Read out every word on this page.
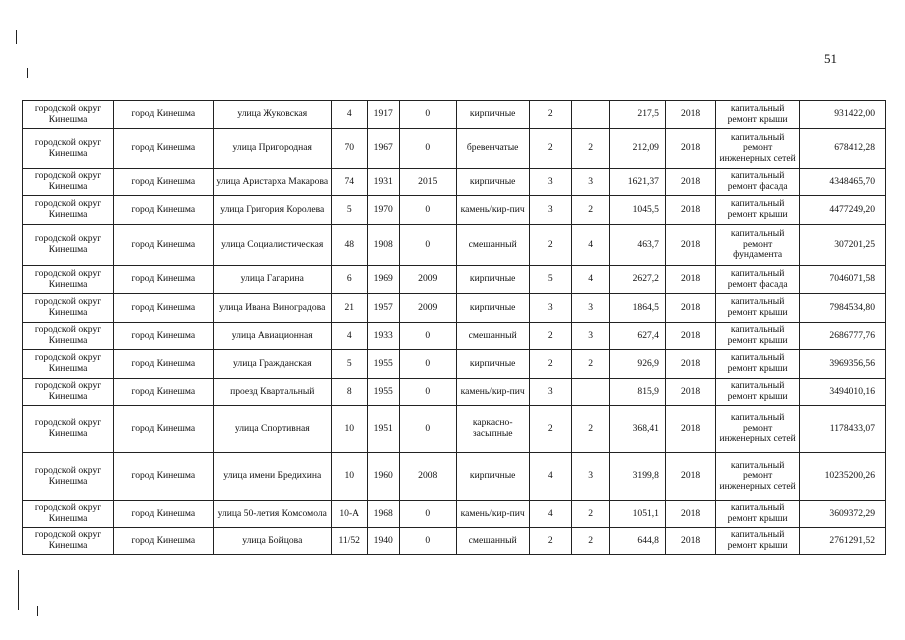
51
городской округ Кинешма	город Кинешма	улица Жуковская	4	1917	0	кирпичные	2		217,5	2018	капитальный ремонт крыши	931422,00
городской округ Кинешма	город Кинешма	улица Пригородная	70	1967	0	бревенчатые	2	2	212,09	2018	капитальный ремонт инженерных сетей	678412,28
городской округ Кинешма	город Кинешма	улица Аристарха Макарова	74	1931	2015	кирпичные	3	3	1621,37	2018	капитальный ремонт фасада	4348465,70
городской округ Кинешма	город Кинешма	улица Григория Королева	5	1970	0	камень/кир-пич	3	2	1045,5	2018	капитальный ремонт крыши	4477249,20
городской округ Кинешма	город Кинешма	улица Социалистическая	48	1908	0	смешанный	2	4	463,7	2018	капитальный ремонт фундамента	307201,25
городской округ Кинешма	город Кинешма	улица Гагарина	6	1969	2009	кирпичные	5	4	2627,2	2018	капитальный ремонт фасада	7046071,58
городской округ Кинешма	город Кинешма	улица Ивана Виноградова	21	1957	2009	кирпичные	3	3	1864,5	2018	капитальный ремонт крыши	7984534,80
городской округ Кинешма	город Кинешма	улица Авиационная	4	1933	0	смешанный	2	3	627,4	2018	капитальный ремонт крыши	2686777,76
городской округ Кинешма	город Кинешма	улица Гражданская	5	1955	0	кирпичные	2	2	926,9	2018	капитальный ремонт крыши	3969356,56
городской округ Кинешма	город Кинешма	проезд Квартальный	8	1955	0	камень/кир-пич	3		815,9	2018	капитальный ремонт крыши	3494010,16
городской округ Кинешма	город Кинешма	улица Спортивная	10	1951	0	каркасно-засыпные	2	2	368,41	2018	капитальный ремонт инженерных сетей	1178433,07
городской округ Кинешма	город Кинешма	улица имени Бредихина	10	1960	2008	кирпичные	4	3	3199,8	2018	капитальный ремонт инженерных сетей	10235200,26
городской округ Кинешма	город Кинешма	улица 50-летия Комсомола	10-А	1968	0	камень/кир-пич	4	2	1051,1	2018	капитальный ремонт крыши	3609372,29
городской округ Кинешма	город Кинешма	улица Бойцова	11/52	1940	0	смешанный	2	2	644,8	2018	капитальный ремонт крыши	2761291,52
